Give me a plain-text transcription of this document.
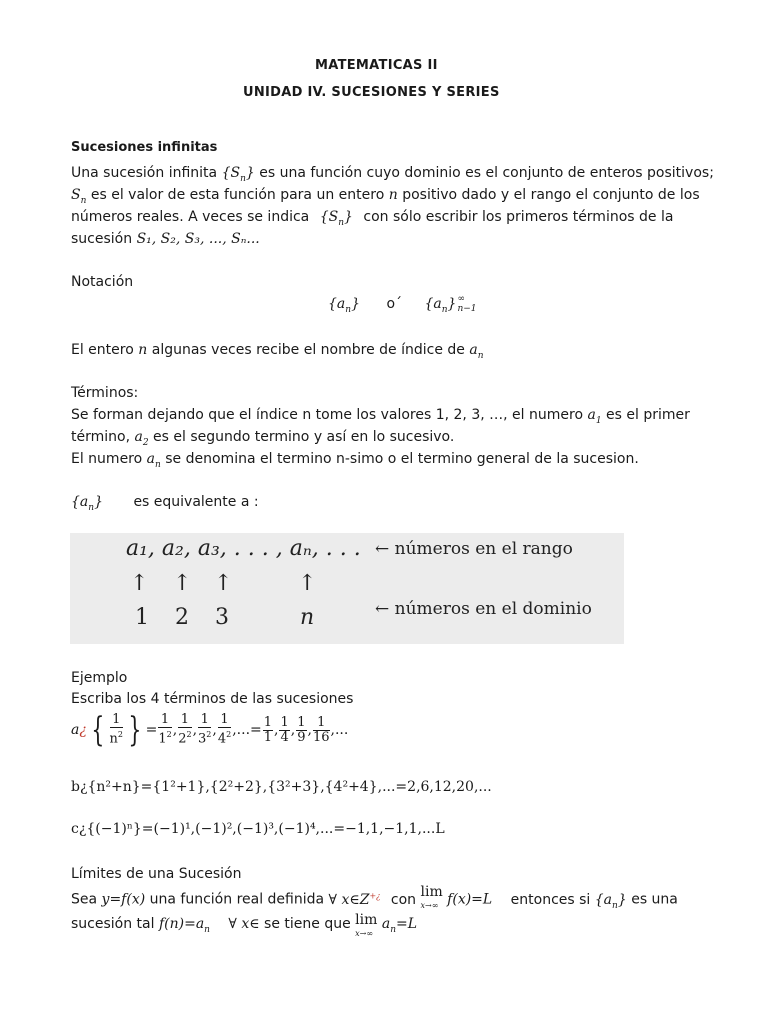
MATEMATICAS II
UNIDAD IV. SUCESIONES Y SERIES
Sucesiones infinitas
Una sucesión infinita $\{S_n\}$ es una función cuyo dominio es el conjunto de enteros positivos;
$S_n$ es el valor de esta función para un entero n positivo dado y el rango el conjunto de los
números reales. A veces se indica $\{S_n\}$ con sólo escribir los primeros términos de la
sucesión S₁, S₂, S₃, ..., Sₙ...
Notación
$\{a_n\}$ o´ $\{a_n\}\infty$
n−1
El entero n algunas veces recibe el nombre de índice de $a_n$
Términos:
Se forman dejando que el índice n tome los valores 1, 2, 3, …, el numero $a_1$ es el primer
término, $a_2$ es el segundo termino y así en lo sucesivo.
El numero $a_n$ se denomina el termino n-simo o el termino general de la sucesion.
$\{a_n\}$ es equivalente a :
a₁, a₂, a₃, . . . , aₙ, . . . ← números en el rango
↑ ↑ ↑	↑
1 2 3	n	← números en el dominio
Ejemplo
Escriba los 4 términos de las sucesiones
a¿ { $\frac{1}{n^2}$ } = $\frac{1}{1^2}$ , $\frac{1}{2^2}$ , $\frac{1}{3^2}$ , $\frac{1}{4^2}$ ,...= $\frac{1}{1}$ , $\frac{1}{4}$ , $\frac{1}{9}$ , $\frac{1}{16}$ ,...
b¿{n²+n}={1²+1},{2²+2},{3²+3},{4²+4},...=2,6,12,20,...
c¿{(−1)ⁿ}=(−1)¹,(−1)²,(−1)³,(−1)⁴,...=−1,1,−1,1,...L
Límites de una Sucesión
Sea y=f(x) una función real definida ∀ x∈Z+¿ con lim
x→∞ f(x)=L entonces si $\{a_n\}$ es una
sucesión tal $f(n)=a_n$ ∀ x∈ se tiene que lim
x→∞ $a_n=L$
